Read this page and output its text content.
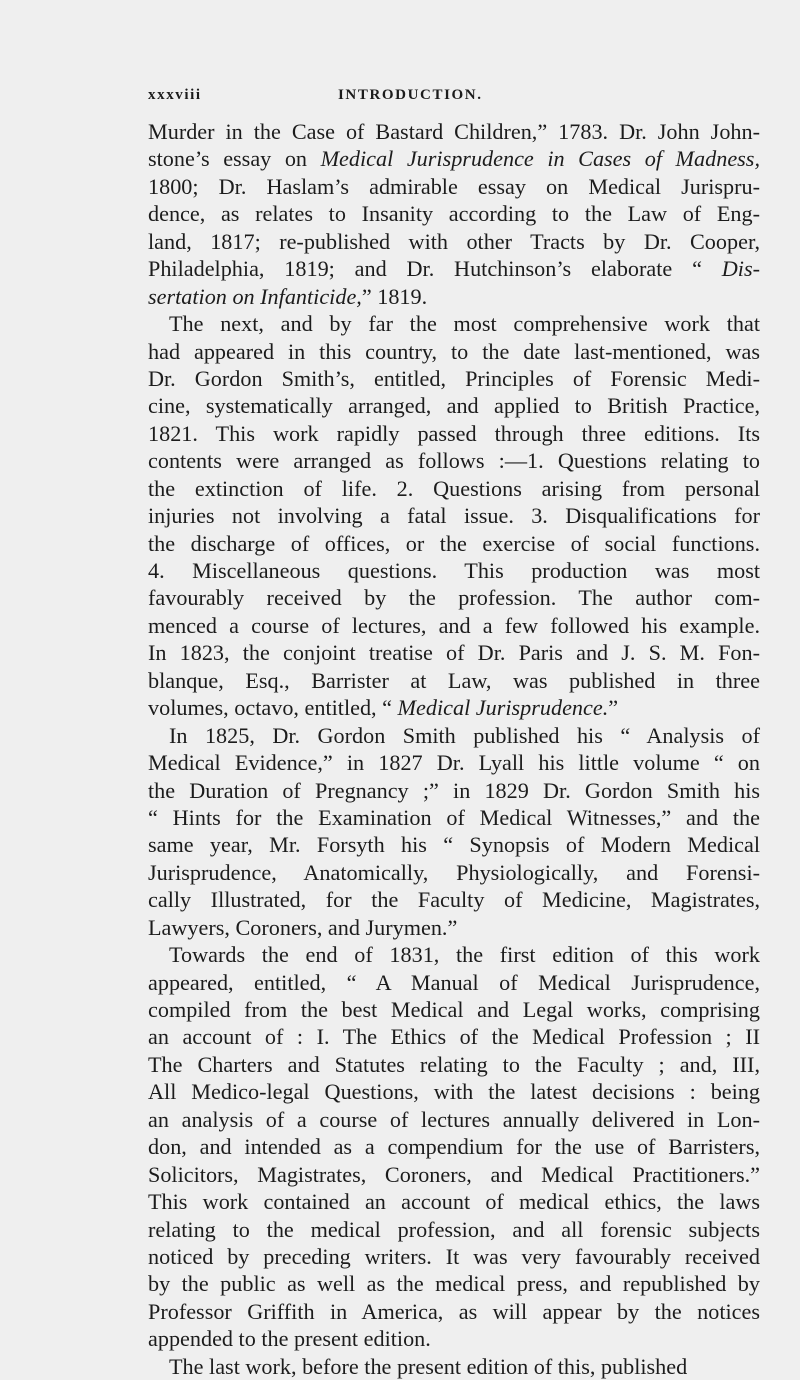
xxxviii	INTRODUCTION.
Murder in the Case of Bastard Children,” 1783. Dr. John John-
stone’s essay on Medical Jurisprudence in Cases of Madness,
1800; Dr. Haslam’s admirable essay on Medical Jurispru-
dence, as relates to Insanity according to the Law of Eng-
land, 1817; re-published with other Tracts by Dr. Cooper,
Philadelphia, 1819; and Dr. Hutchinson’s elaborate “ Dis-
sertation on Infanticide,” 1819.
The next, and by far the most comprehensive work that
had appeared in this country, to the date last-mentioned, was
Dr. Gordon Smith’s, entitled, Principles of Forensic Medi-
cine, systematically arranged, and applied to British Practice,
1821. This work rapidly passed through three editions. Its
contents were arranged as follows :—1. Questions relating to
the extinction of life. 2. Questions arising from personal
injuries not involving a fatal issue. 3. Disqualifications for
the discharge of offices, or the exercise of social functions.
4. Miscellaneous questions. This production was most
favourably received by the profession. The author com-
menced a course of lectures, and a few followed his example.
In 1823, the conjoint treatise of Dr. Paris and J. S. M. Fon-
blanque, Esq., Barrister at Law, was published in three
volumes, octavo, entitled, “ Medical Jurisprudence.”
In 1825, Dr. Gordon Smith published his “ Analysis of
Medical Evidence,” in 1827 Dr. Lyall his little volume “ on
the Duration of Pregnancy ;” in 1829 Dr. Gordon Smith his
“ Hints for the Examination of Medical Witnesses,” and the
same year, Mr. Forsyth his “ Synopsis of Modern Medical
Jurisprudence, Anatomically, Physiologically, and Forensi-
cally Illustrated, for the Faculty of Medicine, Magistrates,
Lawyers, Coroners, and Jurymen.”
Towards the end of 1831, the first edition of this work
appeared, entitled, “ A Manual of Medical Jurisprudence,
compiled from the best Medical and Legal works, comprising
an account of : I. The Ethics of the Medical Profession ; II
The Charters and Statutes relating to the Faculty ; and, III,
All Medico-legal Questions, with the latest decisions : being
an analysis of a course of lectures annually delivered in Lon-
don, and intended as a compendium for the use of Barristers,
Solicitors, Magistrates, Coroners, and Medical Practitioners.”
This work contained an account of medical ethics, the laws
relating to the medical profession, and all forensic subjects
noticed by preceding writers. It was very favourably received
by the public as well as the medical press, and republished by
Professor Griffith in America, as will appear by the notices
appended to the present edition.
The last work, before the present edition of this, published
